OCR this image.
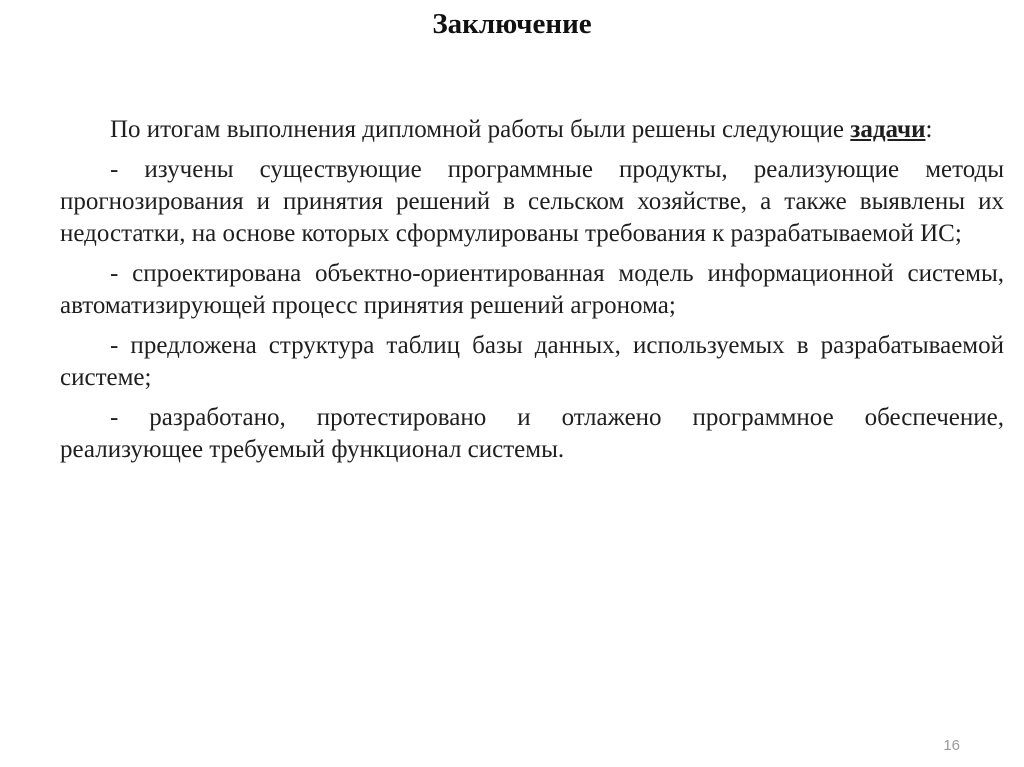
Заключение

По итогам выполнения дипломной работы были решены следующие задачи:

- изучены существующие программные продукты, реализующие методы прогнозирования и принятия решений в сельском хозяйстве, а также выявлены их недостатки, на основе которых сформулированы требования к разрабатываемой ИС;

- спроектирована объектно-ориентированная модель информационной системы, автоматизирующей процесс принятия решений агронома;

- предложена структура таблиц базы данных, используемых в разрабатываемой системе;

- разработано, протестировано и отлажено программное обеспечение, реализующее требуемый функционал системы.

16
